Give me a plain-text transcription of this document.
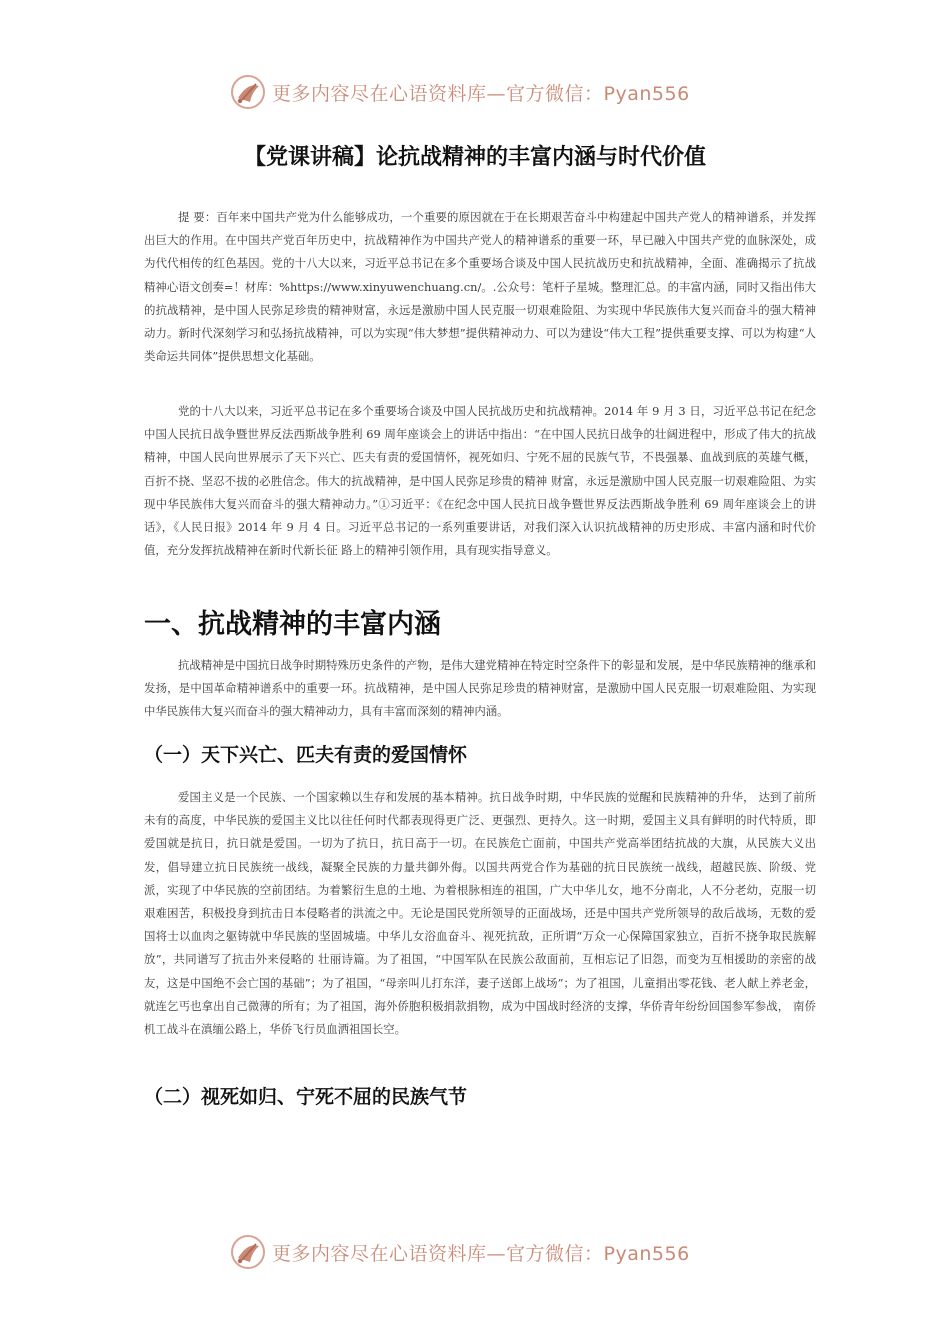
更多内容尽在心语资料库—官方微信：Pyan556
【党课讲稿】论抗战精神的丰富内涵与时代价值

提 要：百年来中国共产党为什么能够成功，一个重要的原因就在于在长期艰苦奋斗中构建起中国共产党人的精神谱系，并发挥出巨大的作用。在中国共产党百年历史中，抗战精神作为中国共产党人的精神谱系的重要一环，早已融入中国共产党的血脉深处，成为代代相传的红色基因。党的十八大以来，习近平总书记在多个重要场合谈及中国人民抗战历史和抗战精神，全面、准确揭示了抗战精神心语文创奏=！材库：%https://www.xinyuwenchuang.cn/。.公众号：笔杆子星城。整理汇总。的丰富内涵，同时又指出伟大的抗战精神，是中国人民弥足珍贵的精神财富，永远是激励中国人民克服一切艰难险阻、为实现中华民族伟大复兴而奋斗的强大精神动力。新时代深刻学习和弘扬抗战精神，可以为实现“伟大梦想”提供精神动力、可以为建设“伟大工程”提供重要支撑、可以为构建“人类命运共同体”提供思想文化基础。

党的十八大以来，习近平总书记在多个重要场合谈及中国人民抗战历史和抗战精神。2014 年 9 月 3 日，习近平总书记在纪念中国人民抗日战争暨世界反法西斯战争胜利 69 周年座谈会上的讲话中指出：“在中国人民抗日战争的壮阔进程中，形成了伟大的抗战精神，中国人民向世界展示了天下兴亡、匹夫有责的爱国情怀，视死如归、宁死不屈的民族气节，不畏强暴、血战到底的英雄气概，百折不挠、坚忍不拔的必胜信念。伟大的抗战精神，是中国人民弥足珍贵的精神 财富，永远是激励中国人民克服一切艰难险阻、为实现中华民族伟大复兴而奋斗的强大精神动力。”①习近平：《在纪念中国人民抗日战争暨世界反法西斯战争胜利 69 周年座谈会上的讲话》，《人民日报》2014 年 9 月 4 日。习近平总书记的一系列重要讲话，对我们深入认识抗战精神的历史形成、丰富内涵和时代价值，充分发挥抗战精神在新时代新长征 路上的精神引领作用，具有现实指导意义。

一、抗战精神的丰富内涵

抗战精神是中国抗日战争时期特殊历史条件的产物，是伟大建党精神在特定时空条件下的彰显和发展，是中华民族精神的继承和发扬，是中国革命精神谱系中的重要一环。抗战精神，是中国人民弥足珍贵的精神财富，是激励中国人民克服一切艰难险阻、为实现中华民族伟大复兴而奋斗的强大精神动力，具有丰富而深刻的精神内涵。

（一）天下兴亡、匹夫有责的爱国情怀

爱国主义是一个民族、一个国家赖以生存和发展的基本精神。抗日战争时期，中华民族的觉醒和民族精神的升华， 达到了前所未有的高度，中华民族的爱国主义比以往任何时代都表现得更广泛、更强烈、更持久。这一时期，爱国主义具有鲜明的时代特质，即爱国就是抗日，抗日就是爱国。一切为了抗日，抗日高于一切。在民族危亡面前，中国共产党高举团结抗战的大旗，从民族大义出发，倡导建立抗日民族统一战线，凝聚全民族的力量共御外侮。以国共两党合作为基础的抗日民族统一战线，超越民族、阶级、党派，实现了中华民族的空前团结。为着繁衍生息的土地、为着根脉相连的祖国，广大中华儿女，地不分南北，人不分老幼，克服一切艰难困苦，积极投身到抗击日本侵略者的洪流之中。无论是国民党所领导的正面战场，还是中国共产党所领导的敌后战场，无数的爱国将士以血肉之躯铸就中华民族的坚固城墙。中华儿女浴血奋斗、视死抗敌，正所谓“万众一心保障国家独立，百折不挠争取民族解放”，共同谱写了抗击外来侵略的 壮丽诗篇。为了祖国，“中国军队在民族公敌面前，互相忘记了旧怨，而变为互相援助的亲密的战友，这是中国绝不会亡国的基础”；为了祖国，“母亲叫儿打东洋，妻子送郎上战场”；为了祖国，儿童捐出零花钱、老人献上养老金，就连乞丐也拿出自己微薄的所有；为了祖国，海外侨胞积极捐款捐物，成为中国战时经济的支撑，华侨青年纷纷回国参军参战， 南侨机工战斗在滇缅公路上，华侨飞行员血洒祖国长空。

（二）视死如归、宁死不屈的民族气节
更多内容尽在心语资料库—官方微信：Pyan556
